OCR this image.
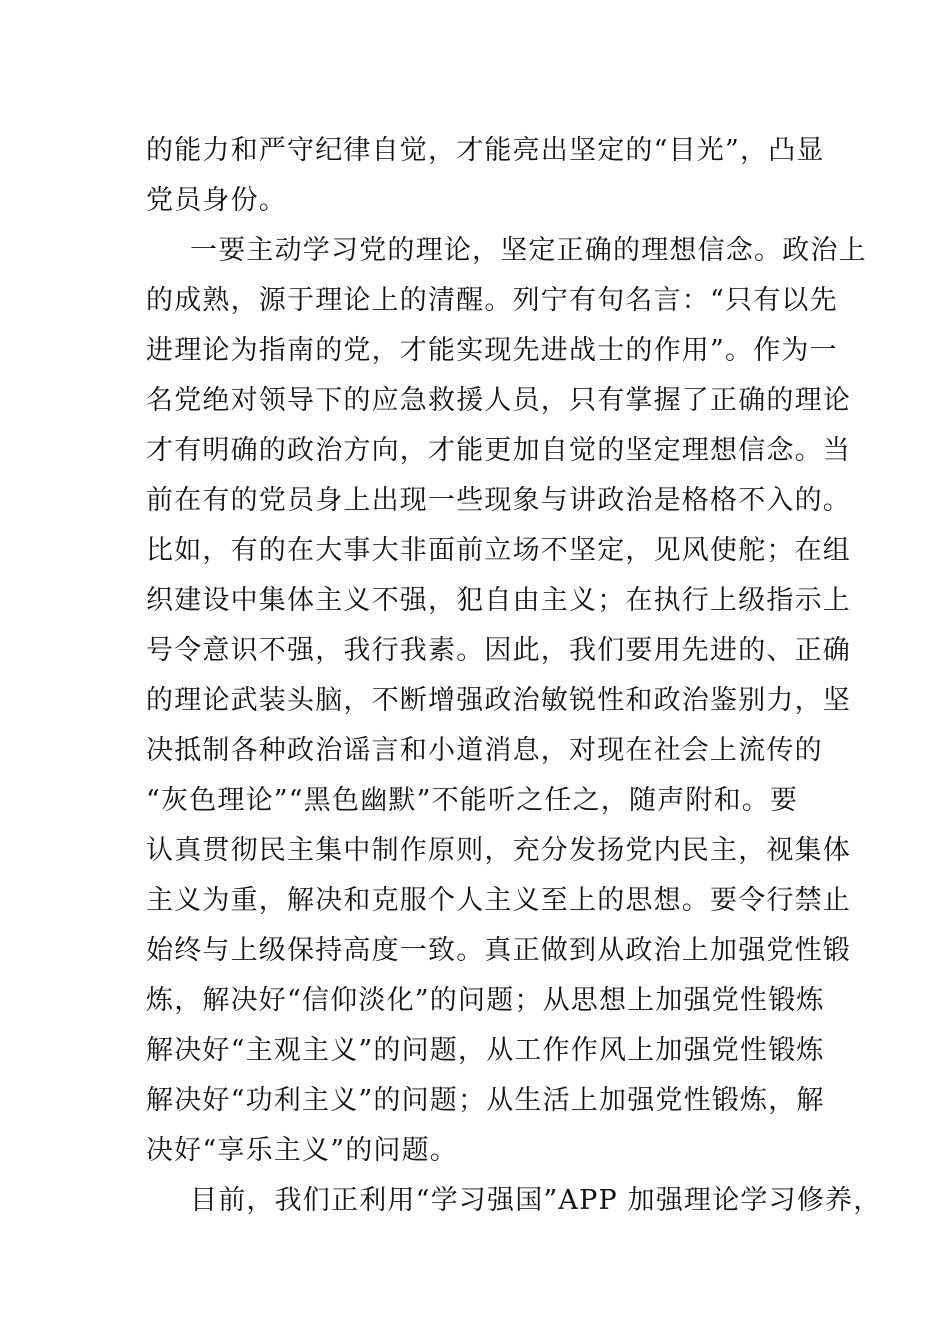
的能力和严守纪律自觉，才能亮出坚定的“目光”，凸显
党员身份。
一要主动学习党的理论，坚定正确的理想信念。政治上
的成熟，源于理论上的清醒。列宁有句名言：“只有以先
进理论为指南的党，才能实现先进战士的作用”。作为一
名党绝对领导下的应急救援人员，只有掌握了正确的理论
才有明确的政治方向，才能更加自觉的坚定理想信念。当
前在有的党员身上出现一些现象与讲政治是格格不入的。
比如，有的在大事大非面前立场不坚定，见风使舵；在组
织建设中集体主义不强，犯自由主义；在执行上级指示上
号令意识不强，我行我素。因此，我们要用先进的、正确
的理论武装头脑，不断增强政治敏锐性和政治鉴别力，坚
决抵制各种政治谣言和小道消息，对现在社会上流传的
“灰色理论”“黑色幽默”不能听之任之，随声附和。要
认真贯彻民主集中制作原则，充分发扬党内民主，视集体
主义为重，解决和克服个人主义至上的思想。要令行禁止
始终与上级保持高度一致。真正做到从政治上加强党性锻
炼，解决好“信仰淡化”的问题；从思想上加强党性锻炼
解决好“主观主义”的问题，从工作作风上加强党性锻炼
解决好“功利主义”的问题；从生活上加强党性锻炼，解
决好“享乐主义”的问题。
目前，我们正利用“学习强国”APP 加强理论学习修养，
